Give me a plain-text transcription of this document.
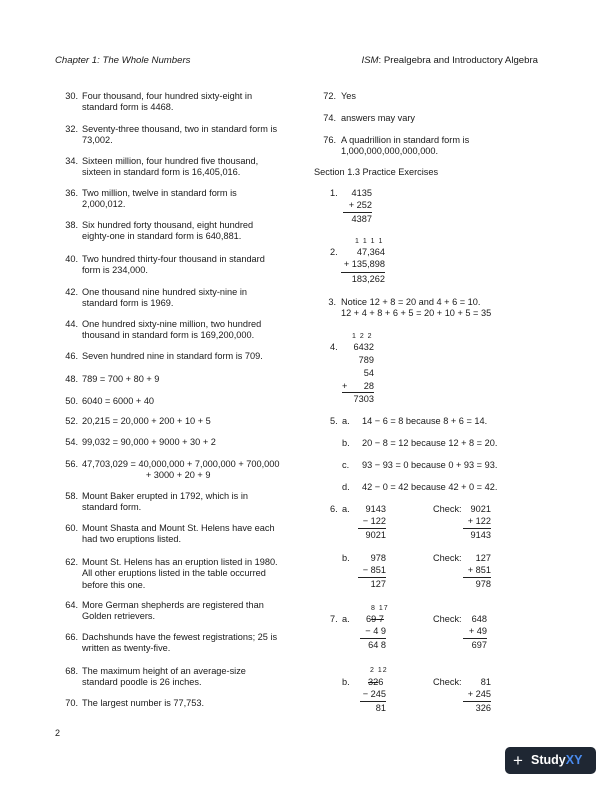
Chapter 1: The Whole Numbers	ISM: Prealgebra and Introductory Algebra
30. Four thousand, four hundred sixty-eight in
standard form is 4468.
32. Seventy-three thousand, two in standard form is
73,002.
34. Sixteen million, four hundred five thousand,
sixteen in standard form is 16,405,016.
36. Two million, twelve in standard form is
2,000,012.
38. Six hundred forty thousand, eight hundred
eighty-one in standard form is 640,881.
40. Two hundred thirty-four thousand in standard
form is 234,000.
42. One thousand nine hundred sixty-nine in
standard form is 1969.
44. One hundred sixty-nine million, two hundred
thousand in standard form is 169,200,000.
46. Seven hundred nine in standard form is 709.
48. 789 = 700 + 80 + 9
50. 6040 = 6000 + 40
52. 20,215 = 20,000 + 200 + 10 + 5
54. 99,032 = 90,000 + 9000 + 30 + 2
56. 47,703,029 = 40,000,000 + 7,000,000 + 700,000
+ 3000 + 20 + 9
58. Mount Baker erupted in 1792, which is in
standard form.
60. Mount Shasta and Mount St. Helens have each
had two eruptions listed.
62. Mount St. Helens has an eruption listed in 1980.
All other eruptions listed in the table occurred
before this one.
64. More German shepherds are registered than
Golden retrievers.
66. Dachshunds have the fewest registrations; 25 is
written as twenty-five.
68. The maximum height of an average-size
standard poodle is 26 inches.
70. The largest number is 77,753.
72. Yes
74. answers may vary
76. A quadrillion in standard form is
1,000,000,000,000,000.
Section 1.3 Practice Exercises
1.	4135
+ 252
4387
1 1 1 1
2.	47,364
+ 135,898
183,262
3. Notice 12 + 8 = 20 and 4 + 6 = 10.
12 + 4 + 8 + 6 + 5 = 20 + 10 + 5 = 35
1 2 2
4.	6432
789
54
+	28
7303
5. a. 14 − 6 = 8 because 8 + 6 = 14.
b. 20 − 8 = 12 because 12 + 8 = 20.
c. 93 − 93 = 0 because 0 + 93 = 93.
d. 42 − 0 = 42 because 42 + 0 = 42.
6. a.	9143
− 122
9021
Check: 9021
+ 122
9143
b.	978
− 851
127
Check:	127
+ 851
978
8 17
7. a. 69 7
− 4 9
64 8
Check:	648
+ 49
697
2 12
b. 326
− 245
81
Check:	81
+ 245
326
2
+ StudyXY
